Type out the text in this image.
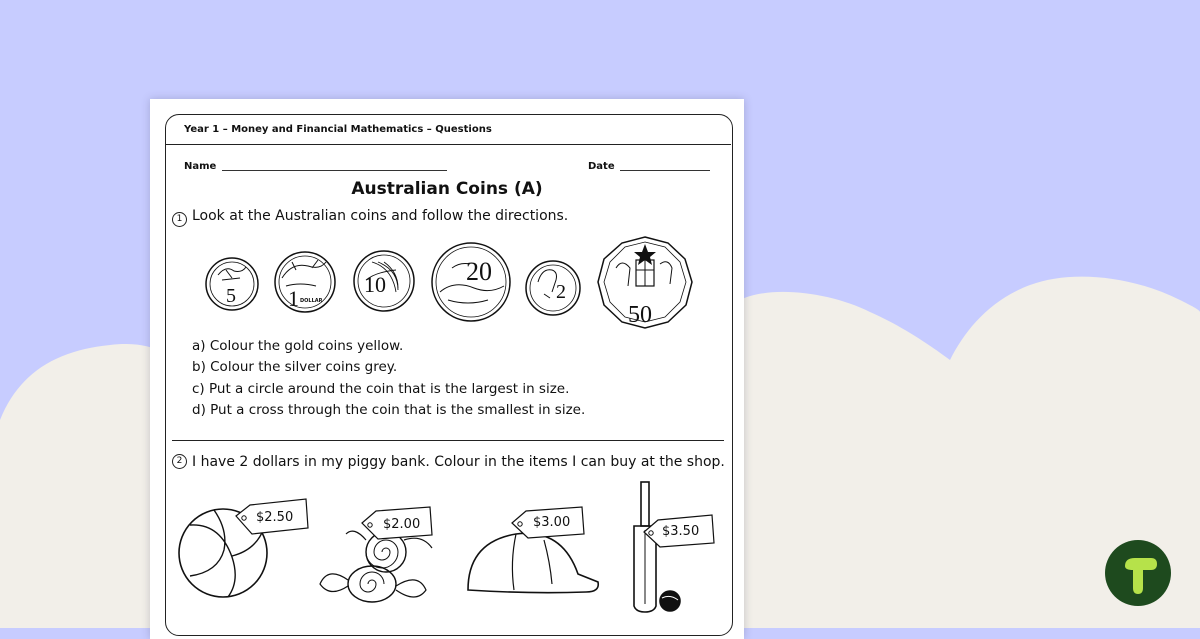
Year 1 – Money and Financial Mathematics – Questions
Name	Date
Australian Coins (A)
1 Look at the Australian coins and follow the directions.
5 1 DOLLAR
10	20
2
50
a) Colour the gold coins yellow.
b) Colour the silver coins grey.
c) Put a circle around the coin that is the largest in size.
d) Put a cross through the coin that is the smallest in size.
2 I have 2 dollars in my piggy bank. Colour in the items I can buy at the shop.
$2.50	$2.00	$3.00
$3.50
